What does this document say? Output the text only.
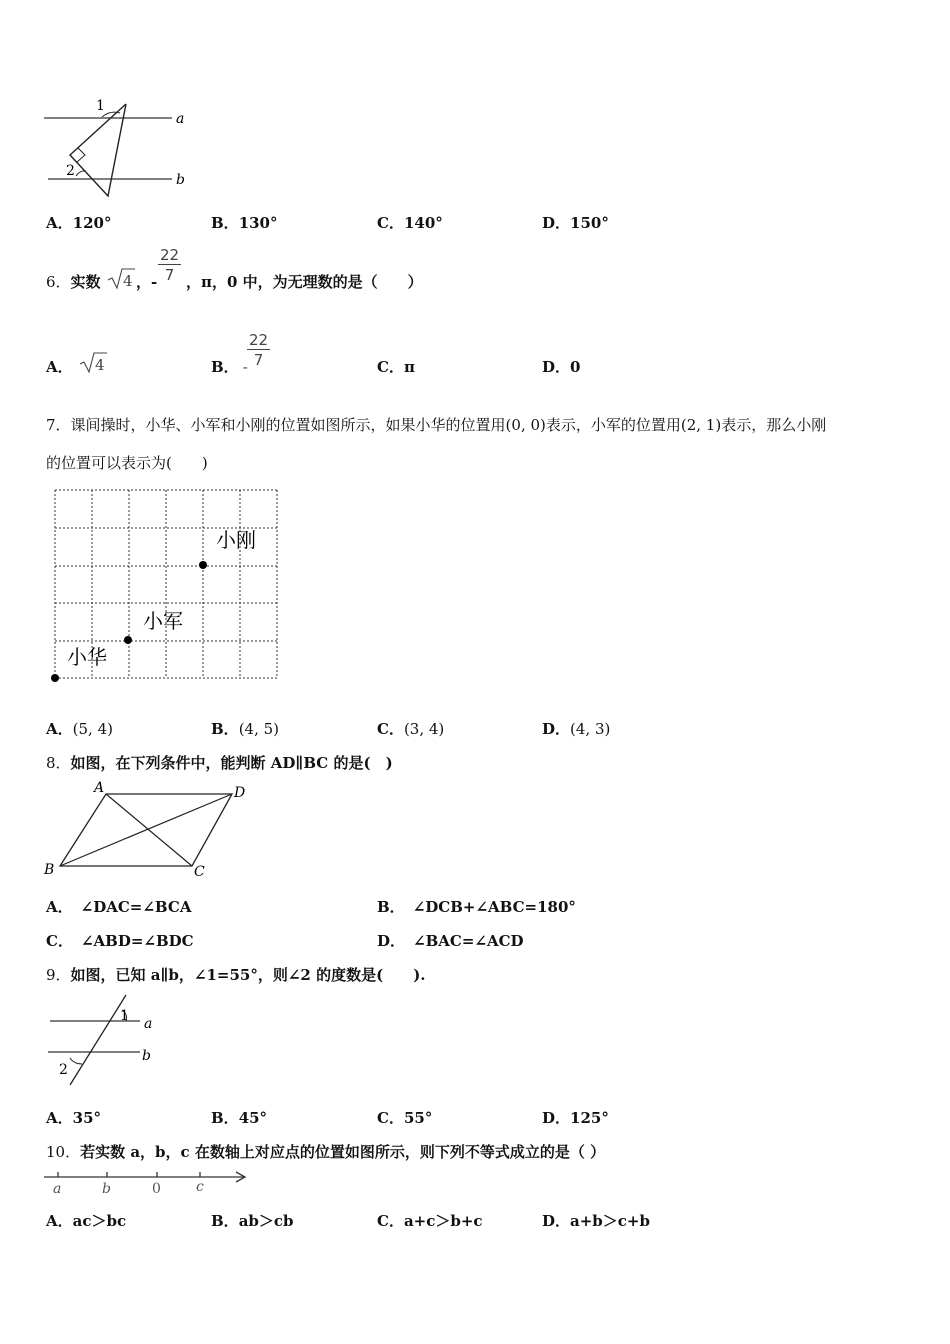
1
2
a
b
A．120°	B．130°	C．140°	D．150°
6．实数 4 ，- $\frac{22}{7}$ ，π，0 中，为无理数的是（　　）
A． 4	B． - $\frac{22}{7}$	C．π	D．0
7．课间操时，小华、小军和小刚的位置如图所示，如果小华的位置用(0, 0)表示，小军的位置用(2, 1)表示，那么小刚
的位置可以表示为(　　)
小刚
小军
小华
A．(5, 4)	B．(4, 5)	C．(3, 4)	D．(4, 3)
8．如图，在下列条件中，能判断 AD∥BC 的是(　)
A	D
B	C
A． ∠DAC=∠BCA	B． ∠DCB+∠ABC=180°
C． ∠ABD=∠BDC	D． ∠BAC=∠ACD
9．如图，已知 a∥b，∠1=55°，则∠2 的度数是(　　).
1
2
a
b
A．35°	B．45°	C．55°	D．125°
10．若实数 a，b，c 在数轴上对应点的位置如图所示，则下列不等式成立的是（ ）
a	b	0	c
A．ac＞bc	B．ab＞cb	C．a+c＞b+c	D．a+b＞c+b
